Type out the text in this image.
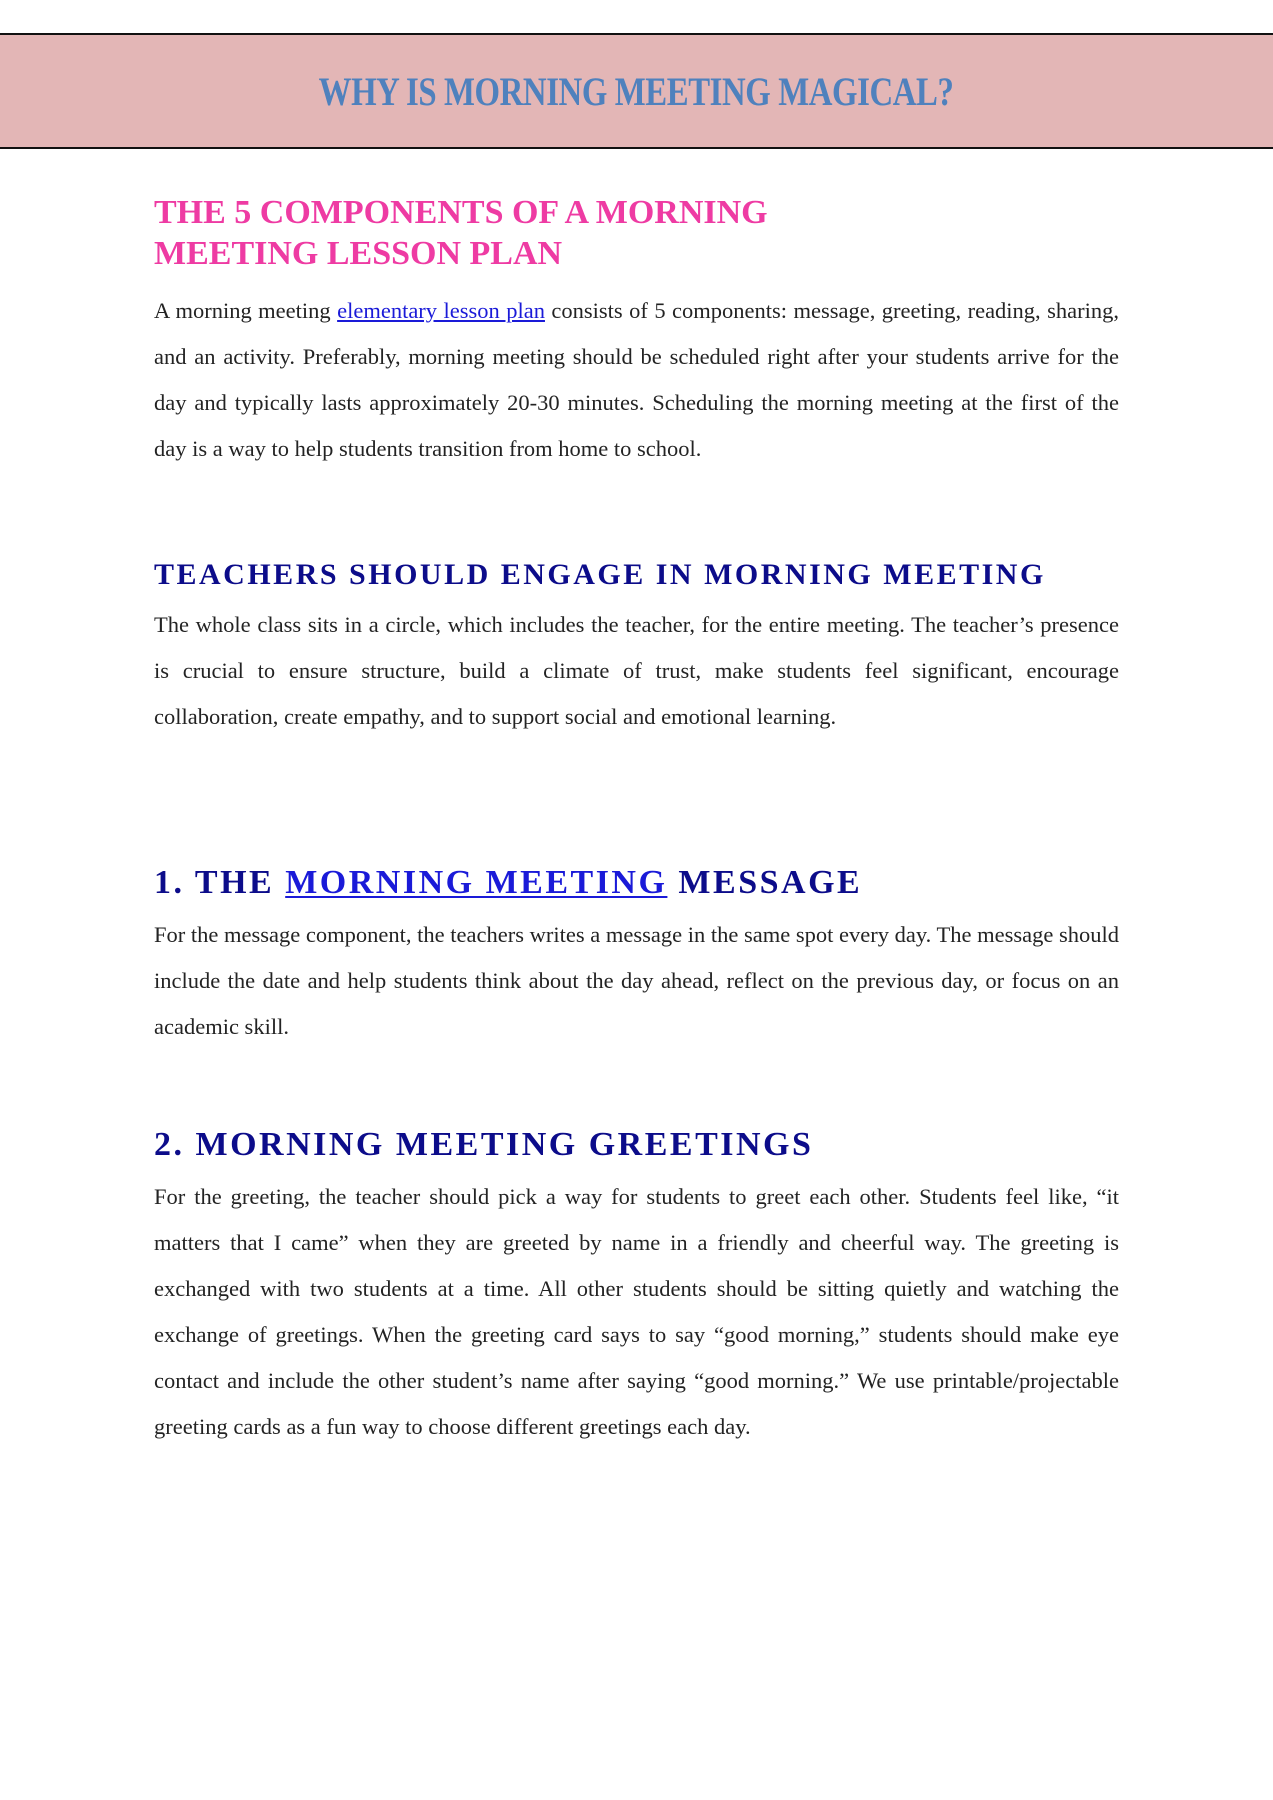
WHY IS MORNING MEETING MAGICAL?
THE 5 COMPONENTS OF A MORNING MEETING LESSON PLAN

A morning meeting elementary lesson plan consists of 5 components: message, greeting, reading, sharing, and an activity. Preferably, morning meeting should be scheduled right after your students arrive for the day and typically lasts approximately 20-30 minutes. Scheduling the morning meeting at the first of the day is a way to help students transition from home to school.

TEACHERS SHOULD ENGAGE IN MORNING MEETING

The whole class sits in a circle, which includes the teacher, for the entire meeting. The teacher’s presence is crucial to ensure structure, build a climate of trust, make students feel significant, encourage collaboration, create empathy, and to support social and emotional learning.

1. THE MORNING MEETING MESSAGE

For the message component, the teachers writes a message in the same spot every day. The message should include the date and help students think about the day ahead, reflect on the previous day, or focus on an academic skill.

2. MORNING MEETING GREETINGS

For the greeting, the teacher should pick a way for students to greet each other. Students feel like, “it matters that I came” when they are greeted by name in a friendly and cheerful way. The greeting is exchanged with two students at a time. All other students should be sitting quietly and watching the exchange of greetings. When the greeting card says to say “good morning,” students should make eye contact and include the other student’s name after saying “good morning.” We use printable/projectable greeting cards as a fun way to choose different greetings each day.
